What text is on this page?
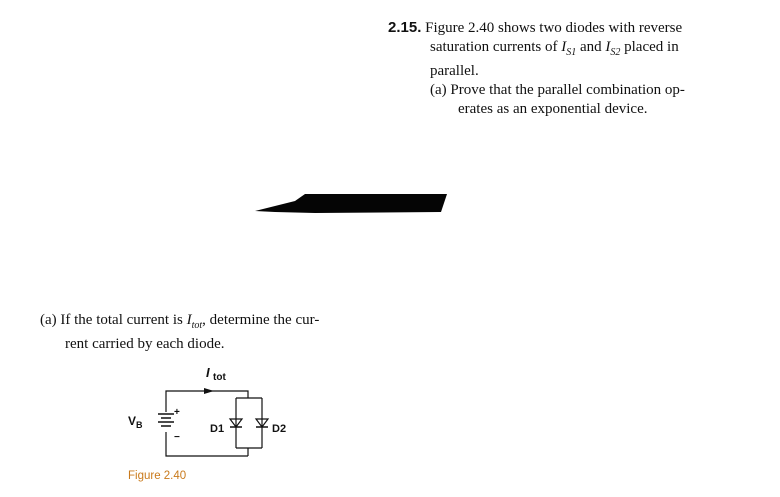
2.15. Figure 2.40 shows two diodes with reverse
saturation currents of $I_{S1}$ and $I_{S2}$ placed in
parallel.
(a) Prove that the parallel combination op-
erates as an exponential device.
(a) If the total current is $I_{tot}$, determine the cur-
rent carried by each diode.
I tot
$V_B$
+
−
D1	D2
Figure 2.40
